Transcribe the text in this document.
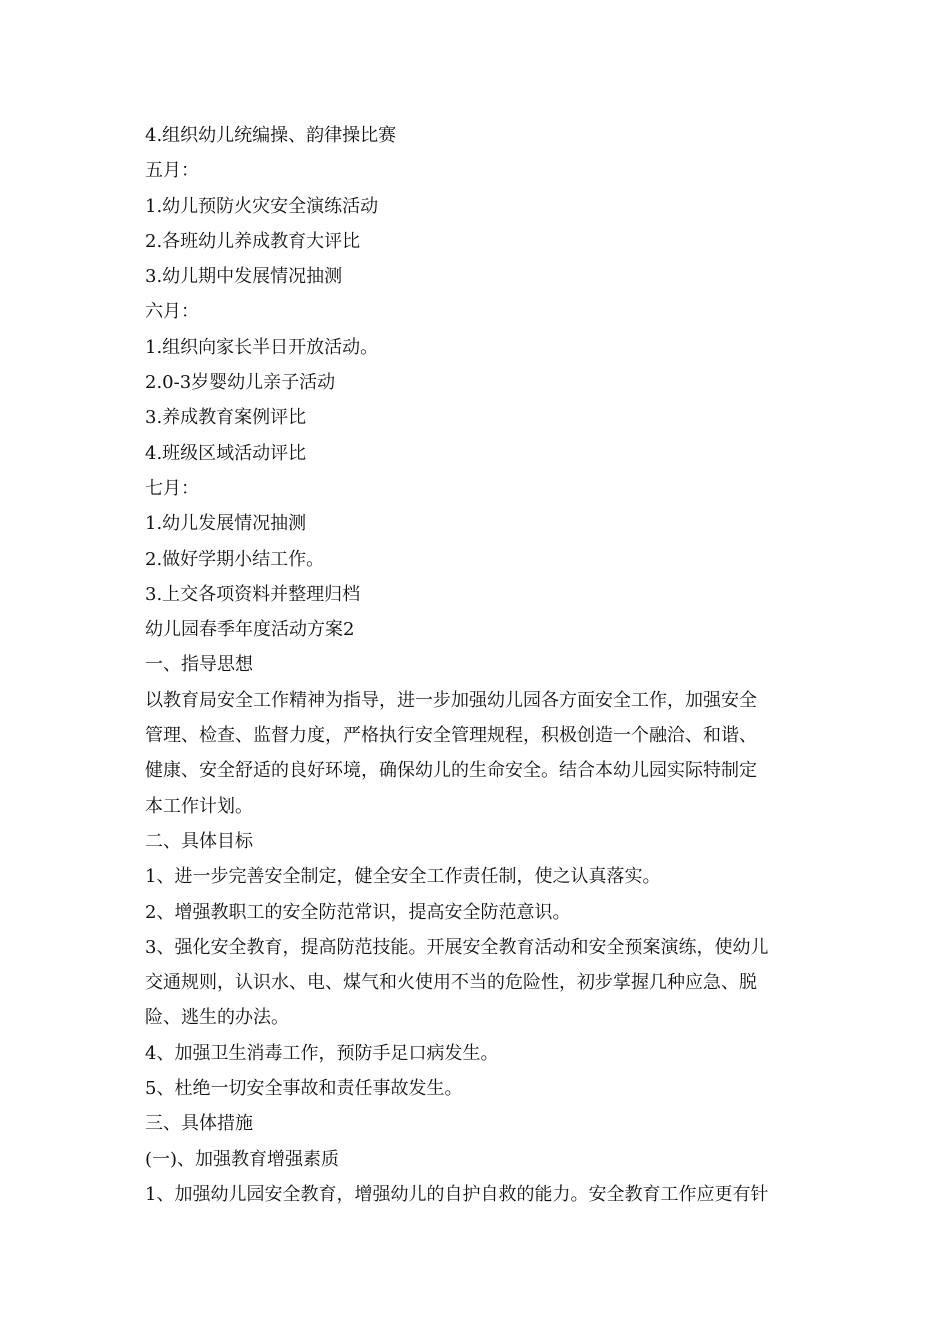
4.组织幼儿统编操、韵律操比赛
五月：
1.幼儿预防火灾安全演练活动
2.各班幼儿养成教育大评比
3.幼儿期中发展情况抽测
六月：
1.组织向家长半日开放活动。
2.0-3岁婴幼儿亲子活动
3.养成教育案例评比
4.班级区域活动评比
七月：
1.幼儿发展情况抽测
2.做好学期小结工作。
3.上交各项资料并整理归档
幼儿园春季年度活动方案2
一、指导思想
以教育局安全工作精神为指导，进一步加强幼儿园各方面安全工作，加强安全
管理、检查、监督力度，严格执行安全管理规程，积极创造一个融洽、和谐、
健康、安全舒适的良好环境，确保幼儿的生命安全。结合本幼儿园实际特制定
本工作计划。
二、具体目标
1、进一步完善安全制定，健全安全工作责任制，使之认真落实。
2、增强教职工的安全防范常识，提高安全防范意识。
3、强化安全教育，提高防范技能。开展安全教育活动和安全预案演练，使幼儿
交通规则，认识水、电、煤气和火使用不当的危险性，初步掌握几种应急、脱
险、逃生的办法。
4、加强卫生消毒工作，预防手足口病发生。
5、杜绝一切安全事故和责任事故发生。
三、具体措施
(一)、加强教育增强素质
1、加强幼儿园安全教育，增强幼儿的自护自救的能力。安全教育工作应更有针
